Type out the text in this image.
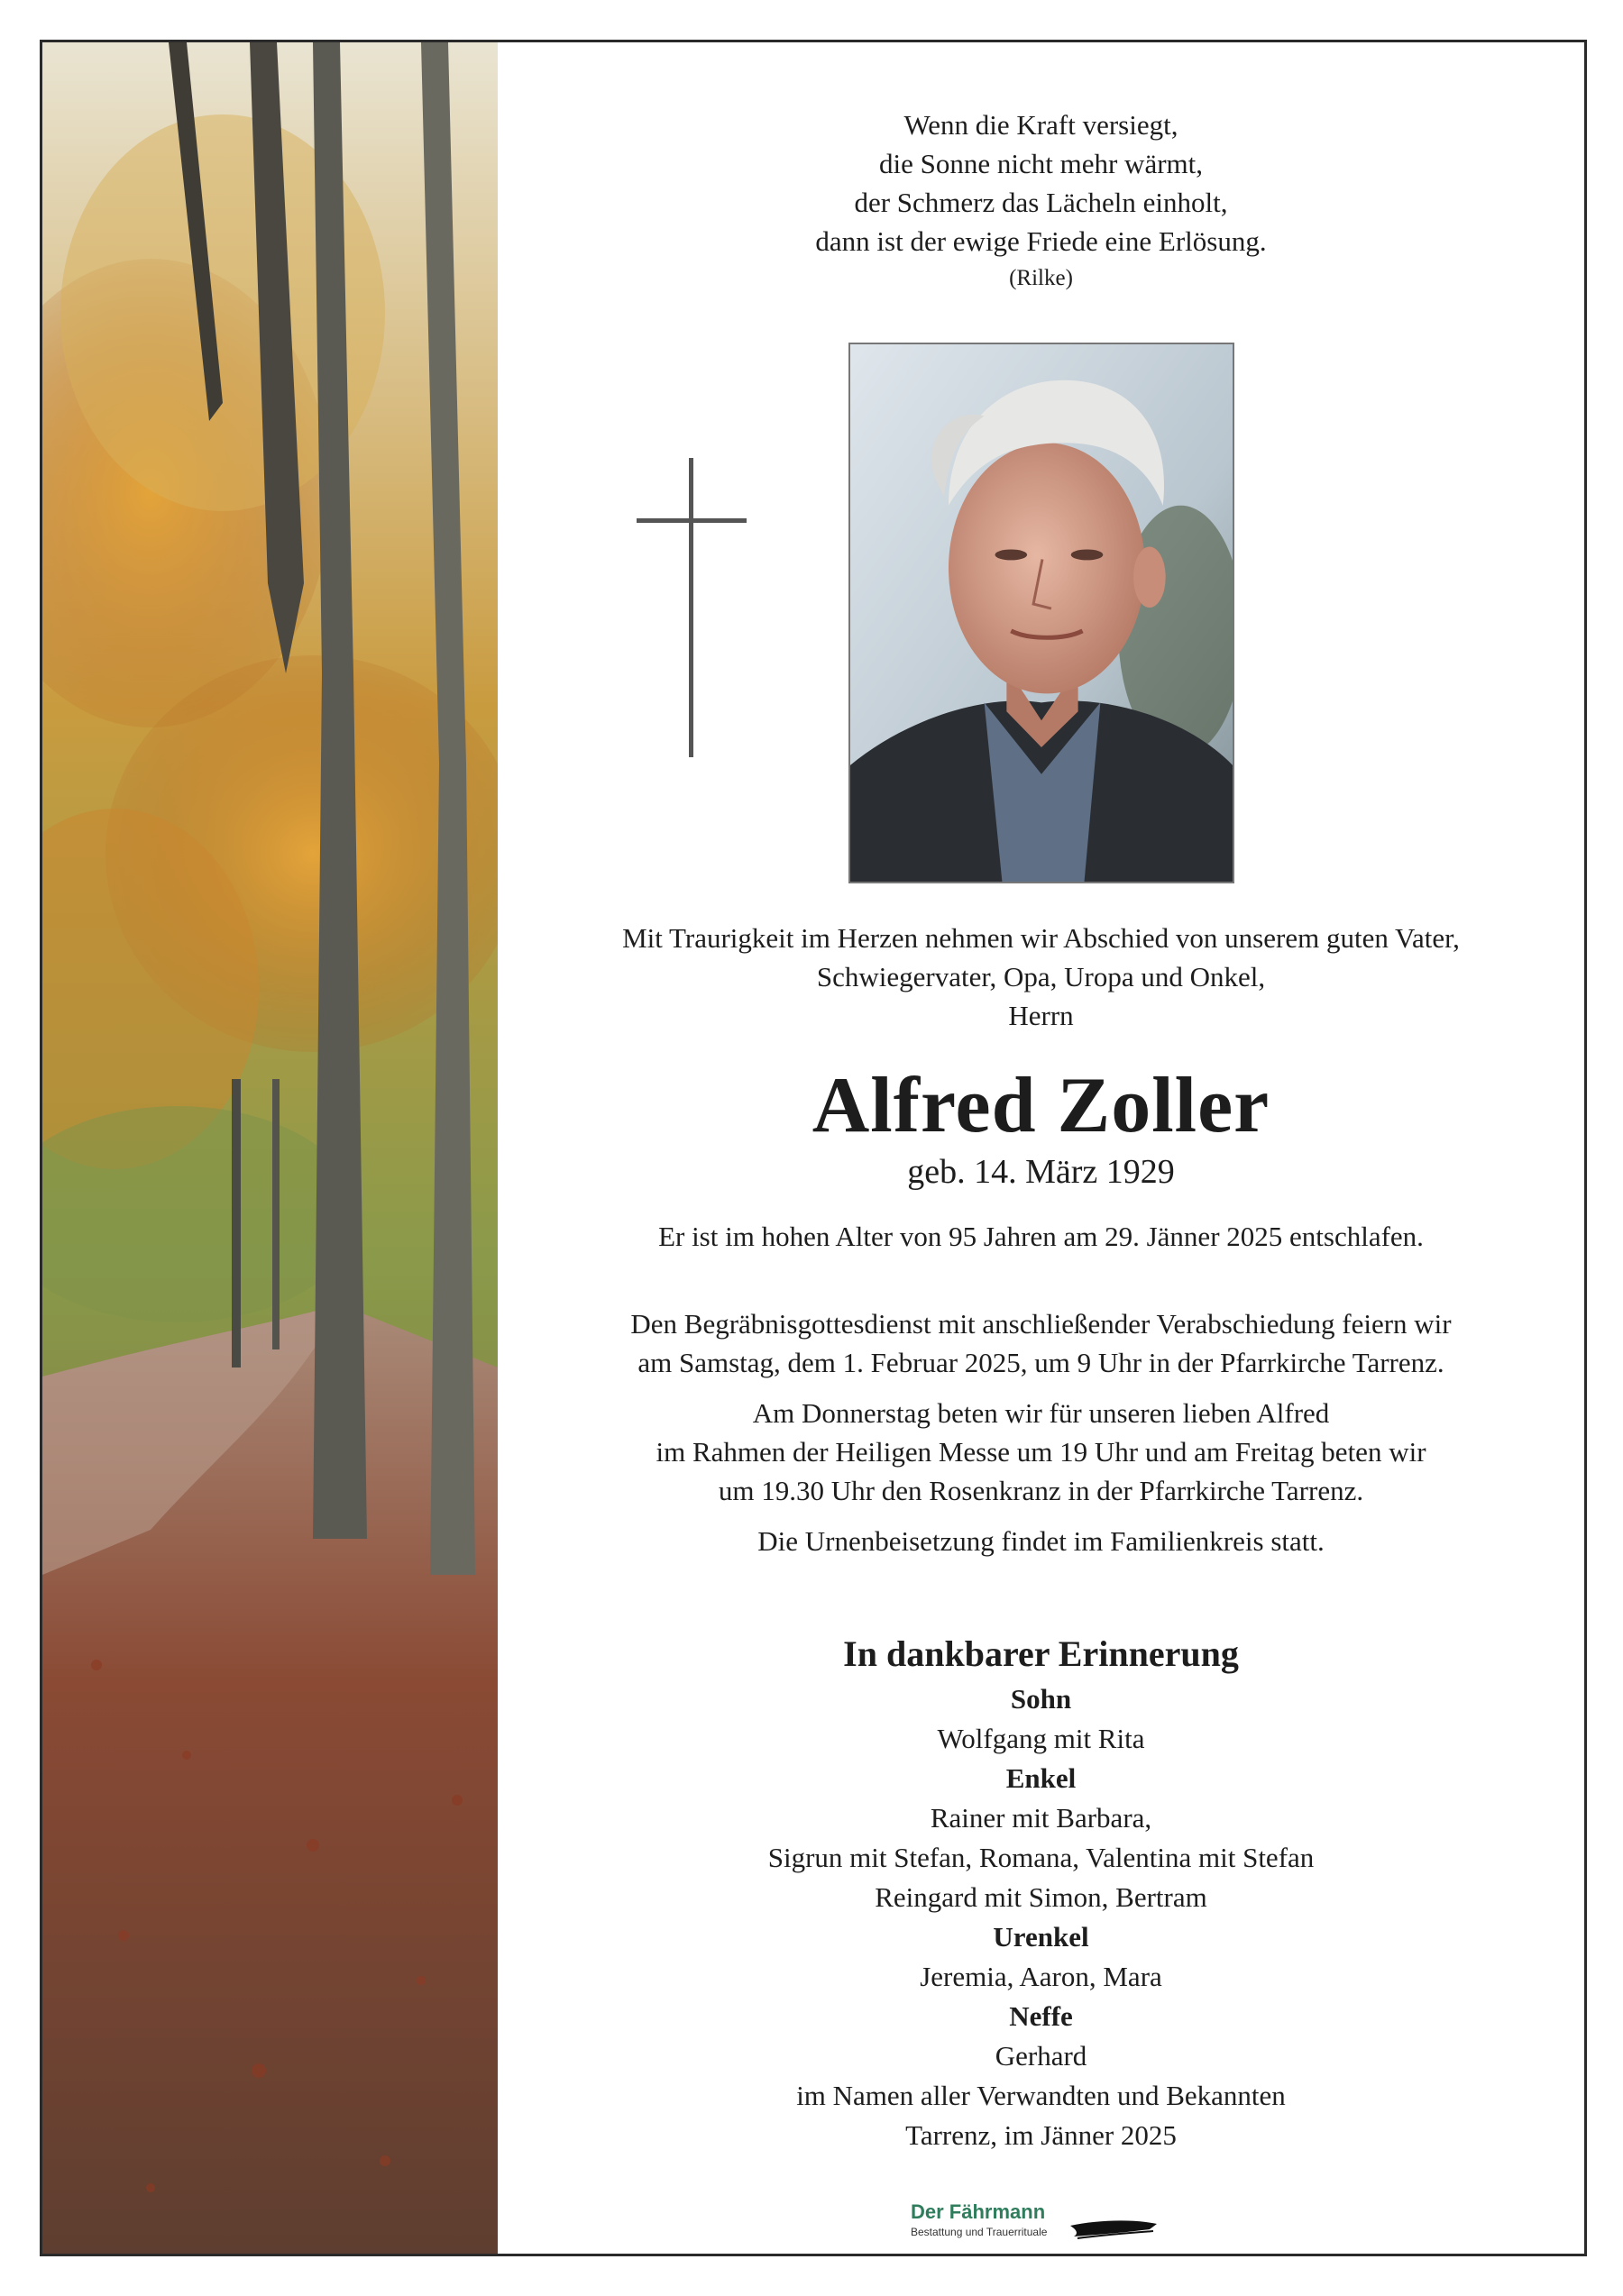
Wenn die Kraft versiegt,
die Sonne nicht mehr wärmt,
der Schmerz das Lächeln einholt,
dann ist der ewige Friede eine Erlösung.
(Rilke)
Mit Traurigkeit im Herzen nehmen wir Abschied von unserem guten Vater,
Schwiegervater, Opa, Uropa und Onkel,
Herrn
Alfred Zoller
geb. 14. März 1929
Er ist im hohen Alter von 95 Jahren am 29. Jänner 2025 entschlafen.
Den Begräbnisgottesdienst mit anschließender Verabschiedung feiern wir
am Samstag, dem 1. Februar 2025, um 9 Uhr in der Pfarrkirche Tarrenz.
Am Donnerstag beten wir für unseren lieben Alfred
im Rahmen der Heiligen Messe um 19 Uhr und am Freitag beten wir
um 19.30 Uhr den Rosenkranz in der Pfarrkirche Tarrenz.
Die Urnenbeisetzung findet im Familienkreis statt.
In dankbarer Erinnerung
Sohn
Wolfgang mit Rita
Enkel
Rainer mit Barbara,
Sigrun mit Stefan, Romana, Valentina mit Stefan
Reingard mit Simon, Bertram
Urenkel
Jeremia, Aaron, Mara
Neffe
Gerhard
im Namen aller Verwandten und Bekannten
Tarrenz, im Jänner 2025
Der Fährmann
Bestattung und Trauerrituale
